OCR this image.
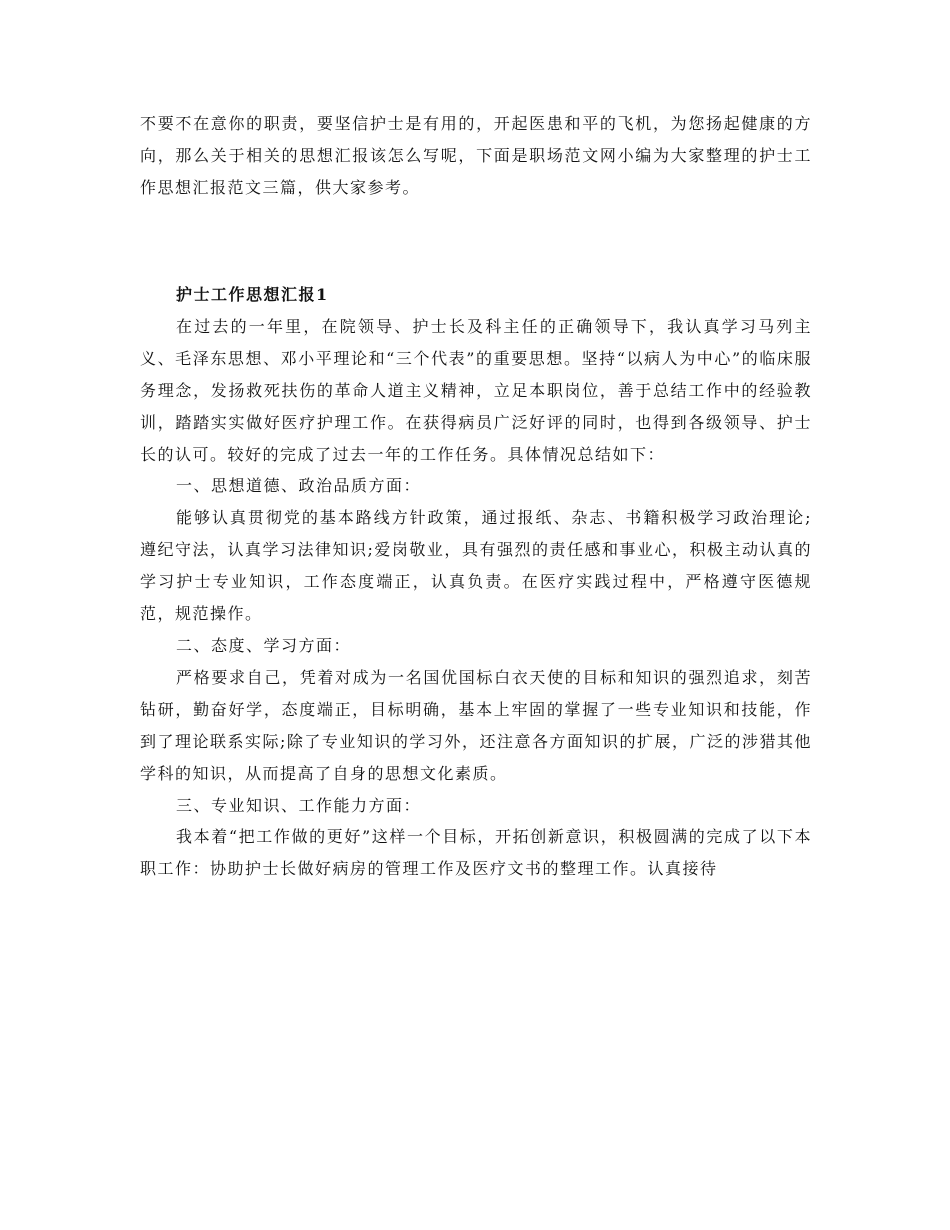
不要不在意你的职责，要坚信护士是有用的，开起医患和平的飞机，为您扬起健康的方向，那么关于相关的思想汇报该怎么写呢，下面是职场范文网小编为大家整理的护士工作思想汇报范文三篇，供大家参考。

护士工作思想汇报1

在过去的一年里，在院领导、护士长及科主任的正确领导下，我认真学习马列主义、毛泽东思想、邓小平理论和“三个代表”的重要思想。坚持“以病人为中心”的临床服务理念，发扬救死扶伤的革命人道主义精神，立足本职岗位，善于总结工作中的经验教训，踏踏实实做好医疗护理工作。在获得病员广泛好评的同时，也得到各级领导、护士长的认可。较好的完成了过去一年的工作任务。具体情况总结如下：

一、思想道德、政治品质方面：

能够认真贯彻党的基本路线方针政策，通过报纸、杂志、书籍积极学习政治理论;遵纪守法，认真学习法律知识;爱岗敬业，具有强烈的责任感和事业心，积极主动认真的学习护士专业知识，工作态度端正，认真负责。在医疗实践过程中，严格遵守医德规范，规范操作。

二、态度、学习方面：

严格要求自己，凭着对成为一名国优国标白衣天使的目标和知识的强烈追求，刻苦钻研，勤奋好学，态度端正，目标明确，基本上牢固的掌握了一些专业知识和技能，作到了理论联系实际;除了专业知识的学习外，还注意各方面知识的扩展，广泛的涉猎其他学科的知识，从而提高了自身的思想文化素质。

三、专业知识、工作能力方面：

我本着“把工作做的更好”这样一个目标，开拓创新意识，积极圆满的完成了以下本职工作：协助护士长做好病房的管理工作及医疗文书的整理工作。认真接待
